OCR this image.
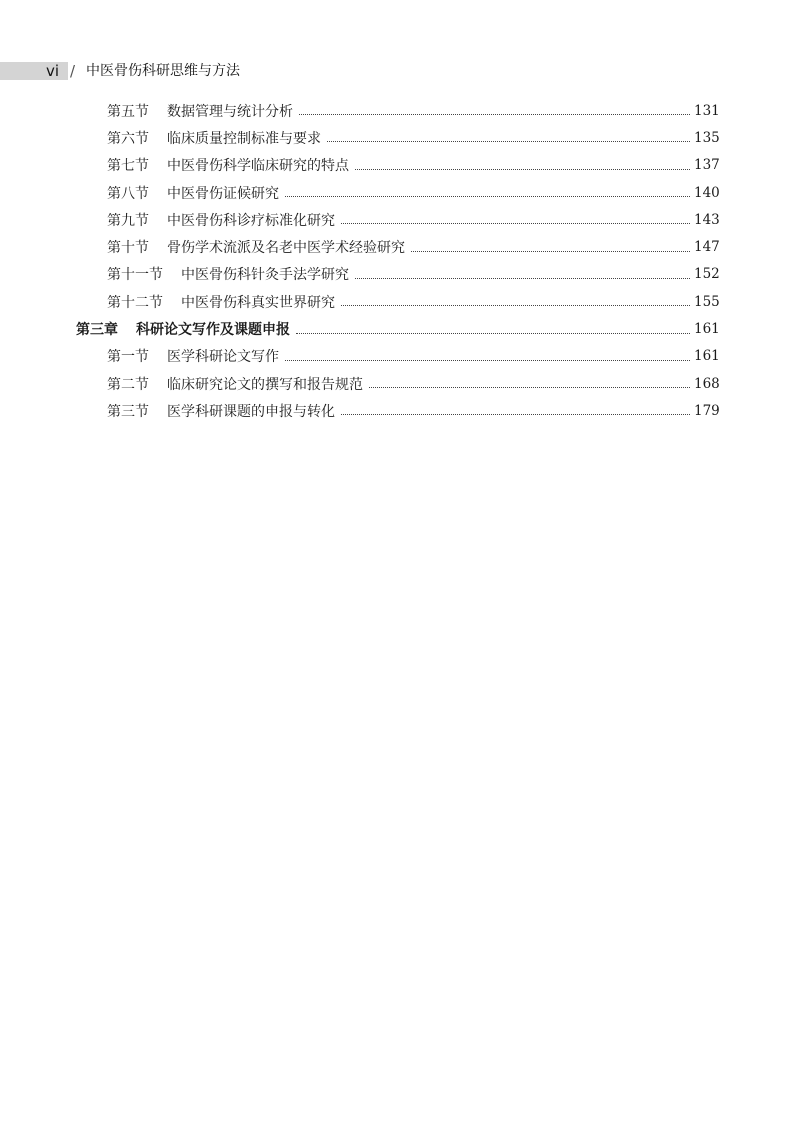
vi / 中医骨伤科研思维与方法
第五节 数据管理与统计分析	131
第六节 临床质量控制标准与要求	135
第七节 中医骨伤科学临床研究的特点	137
第八节 中医骨伤证候研究	140
第九节 中医骨伤科诊疗标准化研究	143
第十节 骨伤学术流派及名老中医学术经验研究	147
第十一节 中医骨伤科针灸手法学研究	152
第十二节 中医骨伤科真实世界研究	155
第三章 科研论文写作及课题申报	161
第一节 医学科研论文写作	161
第二节 临床研究论文的撰写和报告规范	168
第三节 医学科研课题的申报与转化	179
